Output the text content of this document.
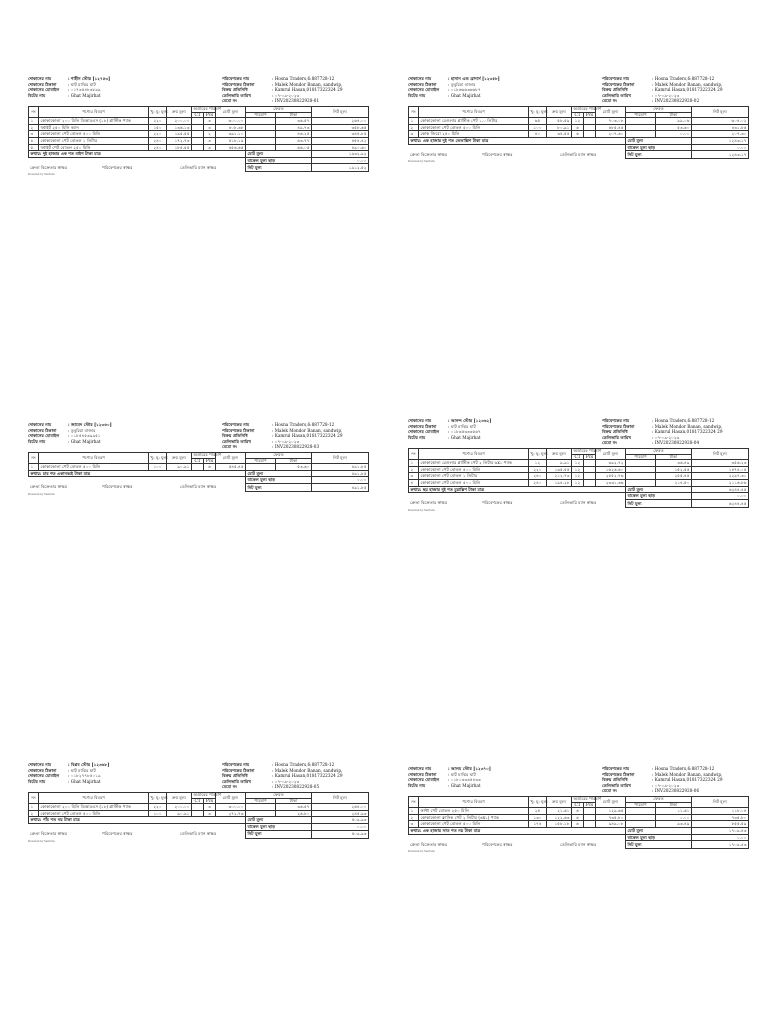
দোকানের নাম	: শাহীন স্টোর [১২৭৫৩]
দোকানের ঠিকানা	: ঘাট মাঝির ঘাট
দোকানের মোবাইল	: ০১৭৩৫৪৮৩৮৯৯
বিটের নাম	: Ghat Majirhat
পরিবেশকের নাম	: Hosna Traders,6:887728-12
পরিবেশকের ঠিকানা	: Malek Mondor Banan, sandwip,
বিক্রয় প্রতিনিধি	: Kamrul Hasan,01817322324 29
ডেলিভারি তারিখ	: ০৭-০৯-২০২৩
মেমো নং	: INV20230822928-01
নং	পণ্যের বিবরণ	খু: মূ: মূল্য	ক্রয় মূল্য	অর্ডারের পরিমাণ		মোট মূল্য	ফেরত		নিট মূল্য
				CT	Pcs		পরিমাণ	টাকা	
১	কোকাকোলা ২০০ মিলি ডিআরএস (১৮) প্লাস্টিক প্যাক	২২০	২০০.০০		৩	৩০০.০০		৩৬.৫৭	২৬৪.০০
২	স্প্রাইট ২৫০ মিলি ক্যান	১৫০	১৩৬.১৩		৩	৪০৮.৩৮		৪৯.৭৩	৩৫৮.৬৫
৩	কোকাকোলা পেট বোতল ৫০০ মিলি	২২০	১৯৫.৫৫		২	৩৯১.১০		৪৬.২৫	৩৪৪.৮৫
৪	কোকাকোলা পেট বোতল ১ লিটার	২৪০	১৭২.৭৩		৩	৫১৮.১৯		৬৩.৭৭	৪৫৪.৪২
৫	স্প্রাইট পেট বোতল ২৫০ মিলি	২৪০	১৮৫.৫৫		৩	৫৫৬.৬৫		৬৬.০৫	৪৯০.৬০
কথায়: দুই হাজার এক শত বাইশ টাকা মাত্র							মোট মূল্য		১৯৩২.৯২
							বাকেল মূল্য ছাড়		০.০০

ক্রেতা বিক্রেতার স্বাক্ষর পরিবেশকের স্বাক্ষর ডেলিভারি ম্যান স্বাক্ষর							নিট মূল্য		১৯১২.৫২
Powered by Ventura
দোকানের নাম	: হাসান এন্ড ব্রাদার্স [১২৩৫৮]
দোকানের ঠিকানা	: ডুবুরিয়া বাজার
দোকানের মোবাইল	: ০১৮৬৬৬৩৬৬৮৭
বিটের নাম	: Ghat Majirhat
পরিবেশকের নাম	: Hosna Traders,6:887728-12
পরিবেশকের ঠিকানা	: Malek Mondor Banan, sandwip,
বিক্রয় প্রতিনিধি	: Kamrul Hasan,01817322324 29
ডেলিভারি তারিখ	: ০৭-০৯-২০২৩
মেমো নং	: INV20230822928-02
নং	পণ্যের বিবরণ	খু: মূ: মূল্য	ক্রয় মূল্য	অর্ডারের পরিমাণ		মোট মূল্য	ফেরত		নিট মূল্য
				CT	Pcs		পরিমাণ	টাকা	
১	কোকাকোলা রেগুলার প্লাস্টিক পেট ১.০ লিটার	৬৫	৫৮.৫৯	১২		৭০৩.০৮		৯৯.০৬	৬০৪.০২
২	কোকাকোলা পেট বোতল ৫০০ মিলি	১০০	৮০.৯১	৬		৪৮৫.৪৫		৫৩.৬০	৪৩১.৮৫
৩	কোক জিরো ২৫০ মিলি	৪০	৩৪.৫৫	৬		২০৭.৩০		০.০০	২০৭.৩০
কথায়: এক হাজার দুই শত তেতাল্লিশ টাকা মাত্র							মোট মূল্য		১২৪৩.১৭
							বাকেল মূল্য ছাড়		০.০০

ক্রেতা বিক্রেতার স্বাক্ষর পরিবেশকের স্বাক্ষর ডেলিভারি ম্যান স্বাক্ষর							নিট মূল্য		১২৪৩.১৭
Powered by Ventura
দোকানের নাম	: জাবেদ স্টোর [১২৩৬০]
দোকানের ঠিকানা	: ডুবুরিয়া বাজার
দোকানের মোবাইল	: ০১৮৫৪৫৩৯৯৫১
বিটের নাম	: Ghat Majirhat
পরিবেশকের নাম	: Hosna Traders,6:887728-12
পরিবেশকের ঠিকানা	: Malek Mondor Banan, sandwip,
বিক্রয় প্রতিনিধি	: Kamrul Hasan,01817322324 29
ডেলিভারি তারিখ	: ০৭-০৯-২০২৩
মেমো নং	: INV20230822928-03
নং	পণ্যের বিবরণ	খু: মূ: মূল্য	ক্রয় মূল্য	অর্ডারের পরিমাণ		মোট মূল্য	ফেরত		নিট মূল্য
				CT	Pcs		পরিমাণ	টাকা	
১	কোকাকোলা পেট বোতল ৫০০ মিলি	১০০	৯০.৯১		৬	৫৪৫.৪৫		৫৩.৬০	৪৯১.৮৫
কথায়: চার শত একানব্বই টাকা মাত্র							মোট মূল্য		৪৯১.৮৫
							বাকেল মূল্য ছাড়		০.০০

ক্রেতা বিক্রেতার স্বাক্ষর পরিবেশকের স্বাক্ষর ডেলিভারি ম্যান স্বাক্ষর							নিট মূল্য		৪৯১.৮৫
Powered by Ventura
দোকানের নাম	: আনন্দ স্টোর [১২৩৬২]
দোকানের ঠিকানা	: ঘাট মাঝির ঘাট
দোকানের মোবাইল	: ০১৮৬৫৩৩৩৫৬৭
বিটের নাম	: Ghat Majirhat
পরিবেশকের নাম	: Hosna Traders,6:887728-12
পরিবেশকের ঠিকানা	: Malek Mondor Banan, sandwip,
বিক্রয় প্রতিনিধি	: Kamrul Hasan,01817322324 29
ডেলিভারি তারিখ	: ০৭-০৯-২০২৩
মেমো নং	: INV20230822928-04
নং	পণ্যের বিবরণ	খু: মূ: মূল্য	ক্রয় মূল্য	অর্ডারের পরিমাণ		মোট মূল্য	ফেরত		নিট মূল্য
				CT	Pcs		পরিমাণ	টাকা	
১	কোকাকোলা রেগুলার প্লাস্টিক পেট ২ লিটার ৬x১ প্যাক	১২	৯.৯১	১২		৩৯২.৭২		৩৬.৪৯	৩৫৬.২৩
২	কোকাকোলা পেট বোতল ৫০০ মিলি	২২০	১৩৫.৫৫	১২		১৬২৬.৬০		১৫২.৫৫	১৪৭৪.০৫
৩	কোকাকোলা পেট বোতল ১ লিটার	২৪০	২১২.৭৩	১২		২৫৫২.৭৬		২৫৫.৪৫	২২৯৭.৩১
৪	কোকাকোলা পেট বোতল ৫০০ মিলি	২৪০	১৯৪.২৮	১২		২৩৩১.৩৬		২১৪.৫০	২১১৬.৮৬
কথায়: ছয় হাজার দুই শত চুয়াল্লিশ টাকা মাত্র							মোট মূল্য		৬২৪৪.৪৫
							বাকেল মূল্য ছাড়		০.০০

ক্রেতা বিক্রেতার স্বাক্ষর পরিবেশকের স্বাক্ষর ডেলিভারি ম্যান স্বাক্ষর							নিট মূল্য		৬২৪৪.৪৫
Powered by Ventura
দোকানের নাম	: বিপ্লব স্টোর [১২৩৬৮]
দোকানের ঠিকানা	: ঘাট মাঝির ঘাট
দোকানের মোবাইল	: ০১৮২৭৭৮৫০১৯
বিটের নাম	: Ghat Majirhat
পরিবেশকের নাম	: Hosna Traders,6:887728-12
পরিবেশকের ঠিকানা	: Malek Mondor Banan, sandwip,
বিক্রয় প্রতিনিধি	: Kamrul Hasan,01817322324 29
ডেলিভারি তারিখ	: ০৭-০৯-২০২৩
মেমো নং	: INV20230822928-05
নং	পণ্যের বিবরণ	খু: মূ: মূল্য	ক্রয় মূল্য	অর্ডারের পরিমাণ		মোট মূল্য	ফেরত		নিট মূল্য
				CT	Pcs		পরিমাণ	টাকা	
১	কোকাকোলা ২০০ মিলি ডিআরএস (১৮) প্লাস্টিক প্যাক	২২০	২০০.০০		৩	৩০০.০০		৩৬.৫৭	২৬৪.০০
২	কোকাকোলা পেট বোতল ৫০০ মিলি	১০০	৯০.৯১		৩	২৭২.৭৩		২৬.৮০	২৪৫.৯৩
কথায়: পাঁচ শত নয় টাকা মাত্র							মোট মূল্য		৫০৯.৯৩
							বাকেল মূল্য ছাড়		০.০০

ক্রেতা বিক্রেতার স্বাক্ষর পরিবেশকের স্বাক্ষর ডেলিভারি ম্যান স্বাক্ষর							নিট মূল্য		৫০৯.৯৩
Powered by Ventura
দোকানের নাম	: আলম স্টোর [১২৩৭০]
দোকানের ঠিকানা	: ঘাট মাঝির ঘাট
দোকানের মোবাইল	: ০১৮১৩৩৩৫৪৩৩
বিটের নাম	: Ghat Majirhat
পরিবেশকের নাম	: Hosna Traders,6:887728-12
পরিবেশকের ঠিকানা	: Malek Mondor Banan, sandwip,
বিক্রয় প্রতিনিধি	: Kamrul Hasan,01817322324 29
ডেলিভারি তারিখ	: ০৭-০৯-২০২৩
মেমো নং	: INV20230822928-06
নং	পণ্যের বিবরণ	খু: মূ: মূল্য	ক্রয় মূল্য	অর্ডারের পরিমাণ		মোট মূল্য	ফেরত		নিট মূল্য
				CT	Pcs		পরিমাণ	টাকা	
১	ফান্টা পেট বোতল ২৫০ মিলি	২৫	২১.৬১	৬		১২৯.৬৫		১১.৬১	১১৮.০৪
২	কোকাকোলা ক্লাসিক পেট ২ লিটার (৬x১) প্যাক	১৩০	১২২.৬৩	৬		৭৩৫.৮০		০.০০	৭৩৫.৮০
৩	কোকাকোলা পেট বোতল ৫০০ মিলি	১৭৪	১৫৮.১৮	৬		৯৪৯.০৮		৯৩.৪৯	৮৫৫.৫৯
কথায়: এক হাজার সাত শত নয় টাকা মাত্র							মোট মূল্য		১৭০৯.৪৩
							বাকেল মূল্য ছাড়		০.০০

ক্রেতা বিক্রেতার স্বাক্ষর পরিবেশকের স্বাক্ষর ডেলিভারি ম্যান স্বাক্ষর							নিট মূল্য		১৭০৯.৪৩
Powered by Ventura
